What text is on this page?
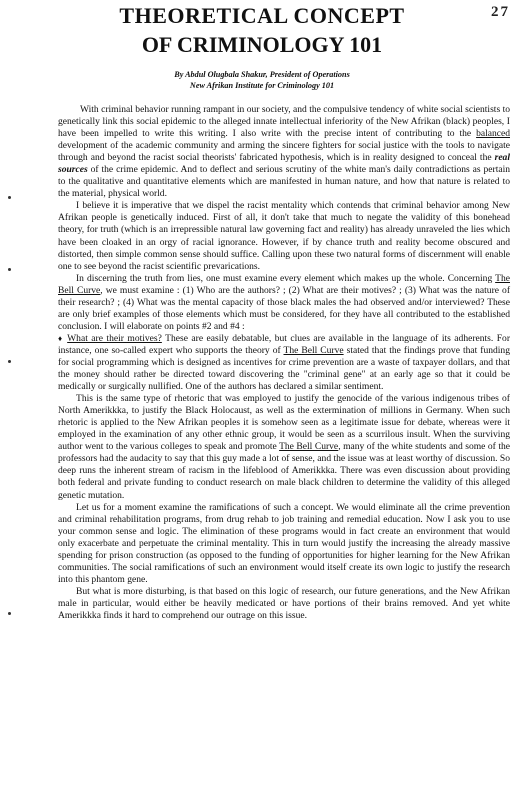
27
THEORETICAL CONCEPT
OF CRIMINOLOGY 101
By Abdul Olugbala Shakur, President of Operations
New Afrikan Institute for Criminology 101

With criminal behavior running rampant in our society, and the compulsive tendency of white social scientists to genetically link this social epidemic to the alleged innate intellectual inferiority of the New Afrikan (black) peoples, I have been impelled to write this writing. I also write with the precise intent of contributing to the balanced development of the academic community and arming the sincere fighters for social justice with the tools to navigate through and beyond the racist social theorists' fabricated hypothesis, which is in reality designed to conceal the real sources of the crime epidemic. And to deflect and serious scrutiny of the white man's daily contradictions as pertain to the qualitative and quantitative elements which are manifested in human nature, and how that nature is related to the material, physical world.

I believe it is imperative that we dispel the racist mentality which contends that criminal behavior among New Afrikan people is genetically induced. First of all, it don't take that much to negate the validity of this bonehead theory, for truth (which is an irrepressible natural law governing fact and reality) has already unraveled the lies which have been cloaked in an orgy of racial ignorance. However, if by chance truth and reality become obscured and distorted, then simple common sense should suffice. Calling upon these two natural forms of discernment will enable one to see beyond the racist scientific prevarications.

In discerning the truth from lies, one must examine every element which makes up the whole. Concerning The Bell Curve, we must examine : (1) Who are the authors? ; (2) What are their motives? ; (3) What was the nature of their research? ; (4) What was the mental capacity of those black males the had observed and/or interviewed? These are only brief examples of those elements which must be considered, for they have all contributed to the established conclusion. I will elaborate on points #2 and #4 :

♦ What are their motives? These are easily debatable, but clues are available in the language of its adherents. For instance, one so-called expert who supports the theory of The Bell Curve stated that the findings prove that funding for social programming which is designed as incentives for crime prevention are a waste of taxpayer dollars, and that the money should rather be directed toward discovering the "criminal gene" at an early age so that it could be medically or surgically nullified. One of the authors has declared a similar sentiment.

This is the same type of rhetoric that was employed to justify the genocide of the various indigenous tribes of North Amerikkka, to justify the Black Holocaust, as well as the extermination of millions in Germany. When such rhetoric is applied to the New Afrikan peoples it is somehow seen as a legitimate issue for debate, whereas were it employed in the examination of any other ethnic group, it would be seen as a scurrilous insult. When the surviving author went to the various colleges to speak and promote The Bell Curve, many of the white students and some of the professors had the audacity to say that this guy made a lot of sense, and the issue was at least worthy of discussion. So deep runs the inherent stream of racism in the lifeblood of Amerikkka. There was even discussion about providing both federal and private funding to conduct research on male black children to determine the validity of this alleged genetic mutation.

Let us for a moment examine the ramifications of such a concept. We would eliminate all the crime prevention and criminal rehabilitation programs, from drug rehab to job training and remedial education. Now I ask you to use your common sense and logic. The elimination of these programs would in fact create an environment that would only exacerbate and perpetuate the criminal mentality. This in turn would justify the increasing the already massive spending for prison construction (as opposed to the funding of opportunities for higher learning for the New Afrikan communities. The social ramifications of such an environment would itself create its own logic to justify the research into this phantom gene.

But what is more disturbing, is that based on this logic of research, our future generations, and the New Afrikan male in particular, would either be heavily medicated or have portions of their brains removed. And yet white Amerikkka finds it hard to comprehend our outrage on this issue.
